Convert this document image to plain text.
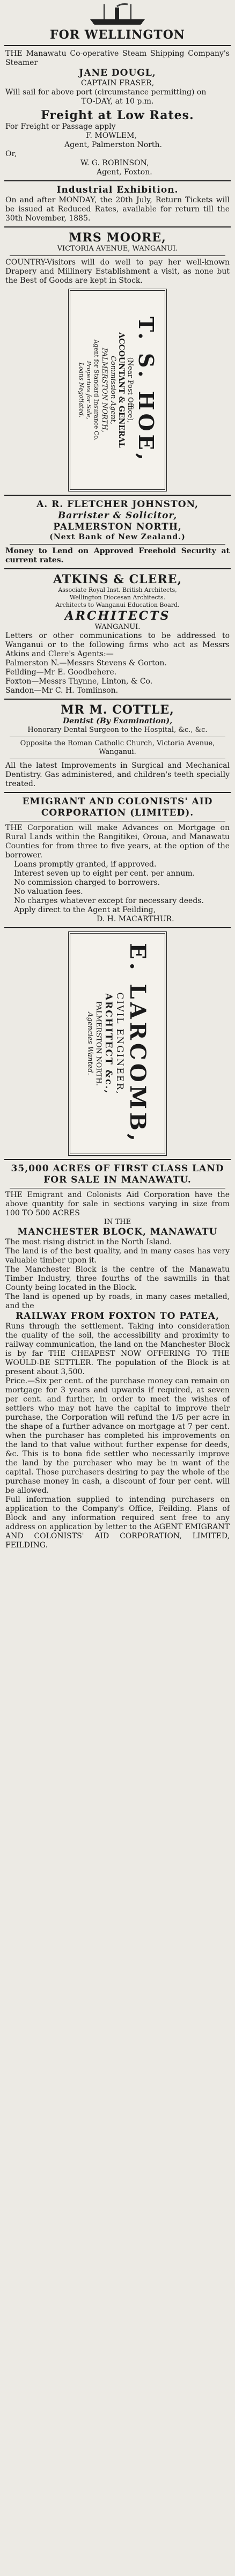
FOR WELLINGTON

THE Manawatu Co-operative Steam Shipping Company's Steamer

JANE DOUGL,

CAPTAIN FRASER,

Will sail for above port (circumstance permitting) on

TO-DAY, at 10 p.m.

Freight at Low Rates.

For Freight or Passage apply

F. MOWLEM,

Agent, Palmerston North.

Or,

W. G. ROBINSON,

Agent, Foxton.

Industrial Exhibition.

On and after MONDAY, the 20th July, Return Tickets will be issued at Reduced Rates, available for return till the 30th November, 1885.

MRS MOORE,

VICTORIA AVENUE, WANGANUI.

COUNTRY-Visitors will do well to pay her well-known Drapery and Millinery Establishment a visit, as none but the Best of Goods are kept in Stock.

T. S. HOE,
(Near Post Office),
ACCOUNTANT & GENERAL
Commission Agent,
PALMERSTON NORTH,
Agent for Standard Insurance Co.
Properties for Sale,
Loans Negotiated.

A. R. FLETCHER JOHNSTON,

Barrister & Solicitor,

PALMERSTON NORTH,

(Next Bank of New Zealand.)

Money to Lend on Approved Freehold Security at current rates.

ATKINS & CLERE,

Associate Royal Inst. British Architects,

Wellington Diocesan Architects.

Architects to Wanganui Education Board.

ARCHITECTS

WANGANUI.

Letters or other communications to be addressed to Wanganui or to the following firms who act as Messrs Atkins and Clere's Agents:—

Palmerston N.—Messrs Stevens & Gorton.

Feilding—Mr E. Goodbehere.

Foxton—Messrs Thynne, Linton, & Co.

Sandon—Mr C. H. Tomlinson.

MR M. COTTLE,

Dentist (By Examination),

Honorary Dental Surgeon to the Hospital, &c., &c.

Opposite the Roman Catholic Church, Victoria Avenue, Wanganui.

All the latest Improvements in Surgical and Mechanical Dentistry. Gas administered, and children's teeth specially treated.

EMIGRANT AND COLONISTS' AID CORPORATION (LIMITED).

THE Corporation will make Advances on Mortgage on Rural Lands within the Rangitikei, Oroua, and Manawatu Counties for from three to five years, at the option of the borrower.

Loans promptly granted, if approved.

Interest seven up to eight per cent. per annum.

No commission charged to borrowers.

No valuation fees.

No charges whatever except for necessary deeds.

Apply direct to the Agent at Feilding,

D. H. MACARTHUR.

E. LARCOMB,
CIVIL ENGINEER,
ARCHITECT &c.,
PALMERSTON NORTH.
Agencies Wanted.

35,000 ACRES OF FIRST CLASS LAND FOR SALE IN MANAWATU.

THE Emigrant and Colonists Aid Corporation have the above quantity for sale in sections varying in size from 100 TO 500 ACRES

IN THE

MANCHESTER BLOCK, MANAWATU

The most rising district in the North Island.

The land is of the best quality, and in many cases has very valuable timber upon it.

The Manchester Block is the centre of the Manawatu Timber Industry, three fourths of the sawmills in that County being located in the Block.

The land is opened up by roads, in many cases metalled, and the

RAILWAY FROM FOXTON TO PATEA,

Runs through the settlement. Taking into consideration the quality of the soil, the accessibility and proximity to railway communication, the land on the Manchester Block is by far THE CHEAPEST NOW OFFERING TO THE WOULD-BE SETTLER. The population of the Block is at present about 3,500.

Price.—Six per cent. of the purchase money can remain on mortgage for 3 years and upwards if required, at seven per cent. and further, in order to meet the wishes of settlers who may not have the capital to improve their purchase, the Corporation will refund the 1/5 per acre in the shape of a further advance on mortgage at 7 per cent. when the purchaser has completed his improvements on the land to that value without further expense for deeds, &c. This is to bona fide settler who necessarily improve the land by the purchaser who may be in want of the capital. Those purchasers desiring to pay the whole of the purchase money in cash, a discount of four per cent. will be allowed.

Full information supplied to intending purchasers on application to the Company's Office, Feilding. Plans of Block and any information required sent free to any address on application by letter to the AGENT EMIGRANT AND COLONISTS' AID CORPORATION, LIMITED, FEILDING.
